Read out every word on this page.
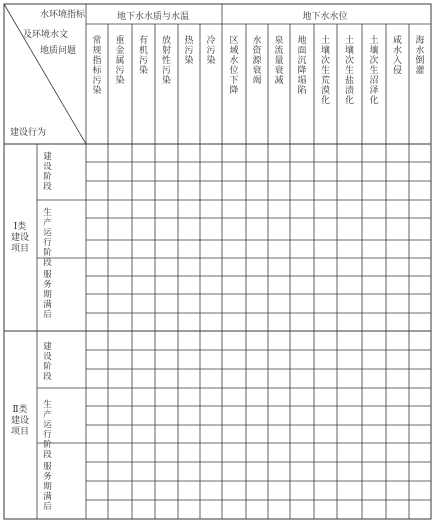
水环境指标
及环境水文
地质问题
建设行为
地下水水质与水温	地下水水位
常规指标污染
重金属污染
有机污染
放射性污染
热污染
冷污染
区域水位下降
水资源衰竭
泉流量衰减
地面沉降塌陷
土壤次生荒漠化
土壤次生盐渍化
土壤次生沼泽化
咸水入侵
海水倒灌
Ⅰ类
建设
项目
Ⅱ类
建设
项目
建设阶段
生产运行阶段
服务期满后
建设阶段
生产运行阶段
服务期满后
